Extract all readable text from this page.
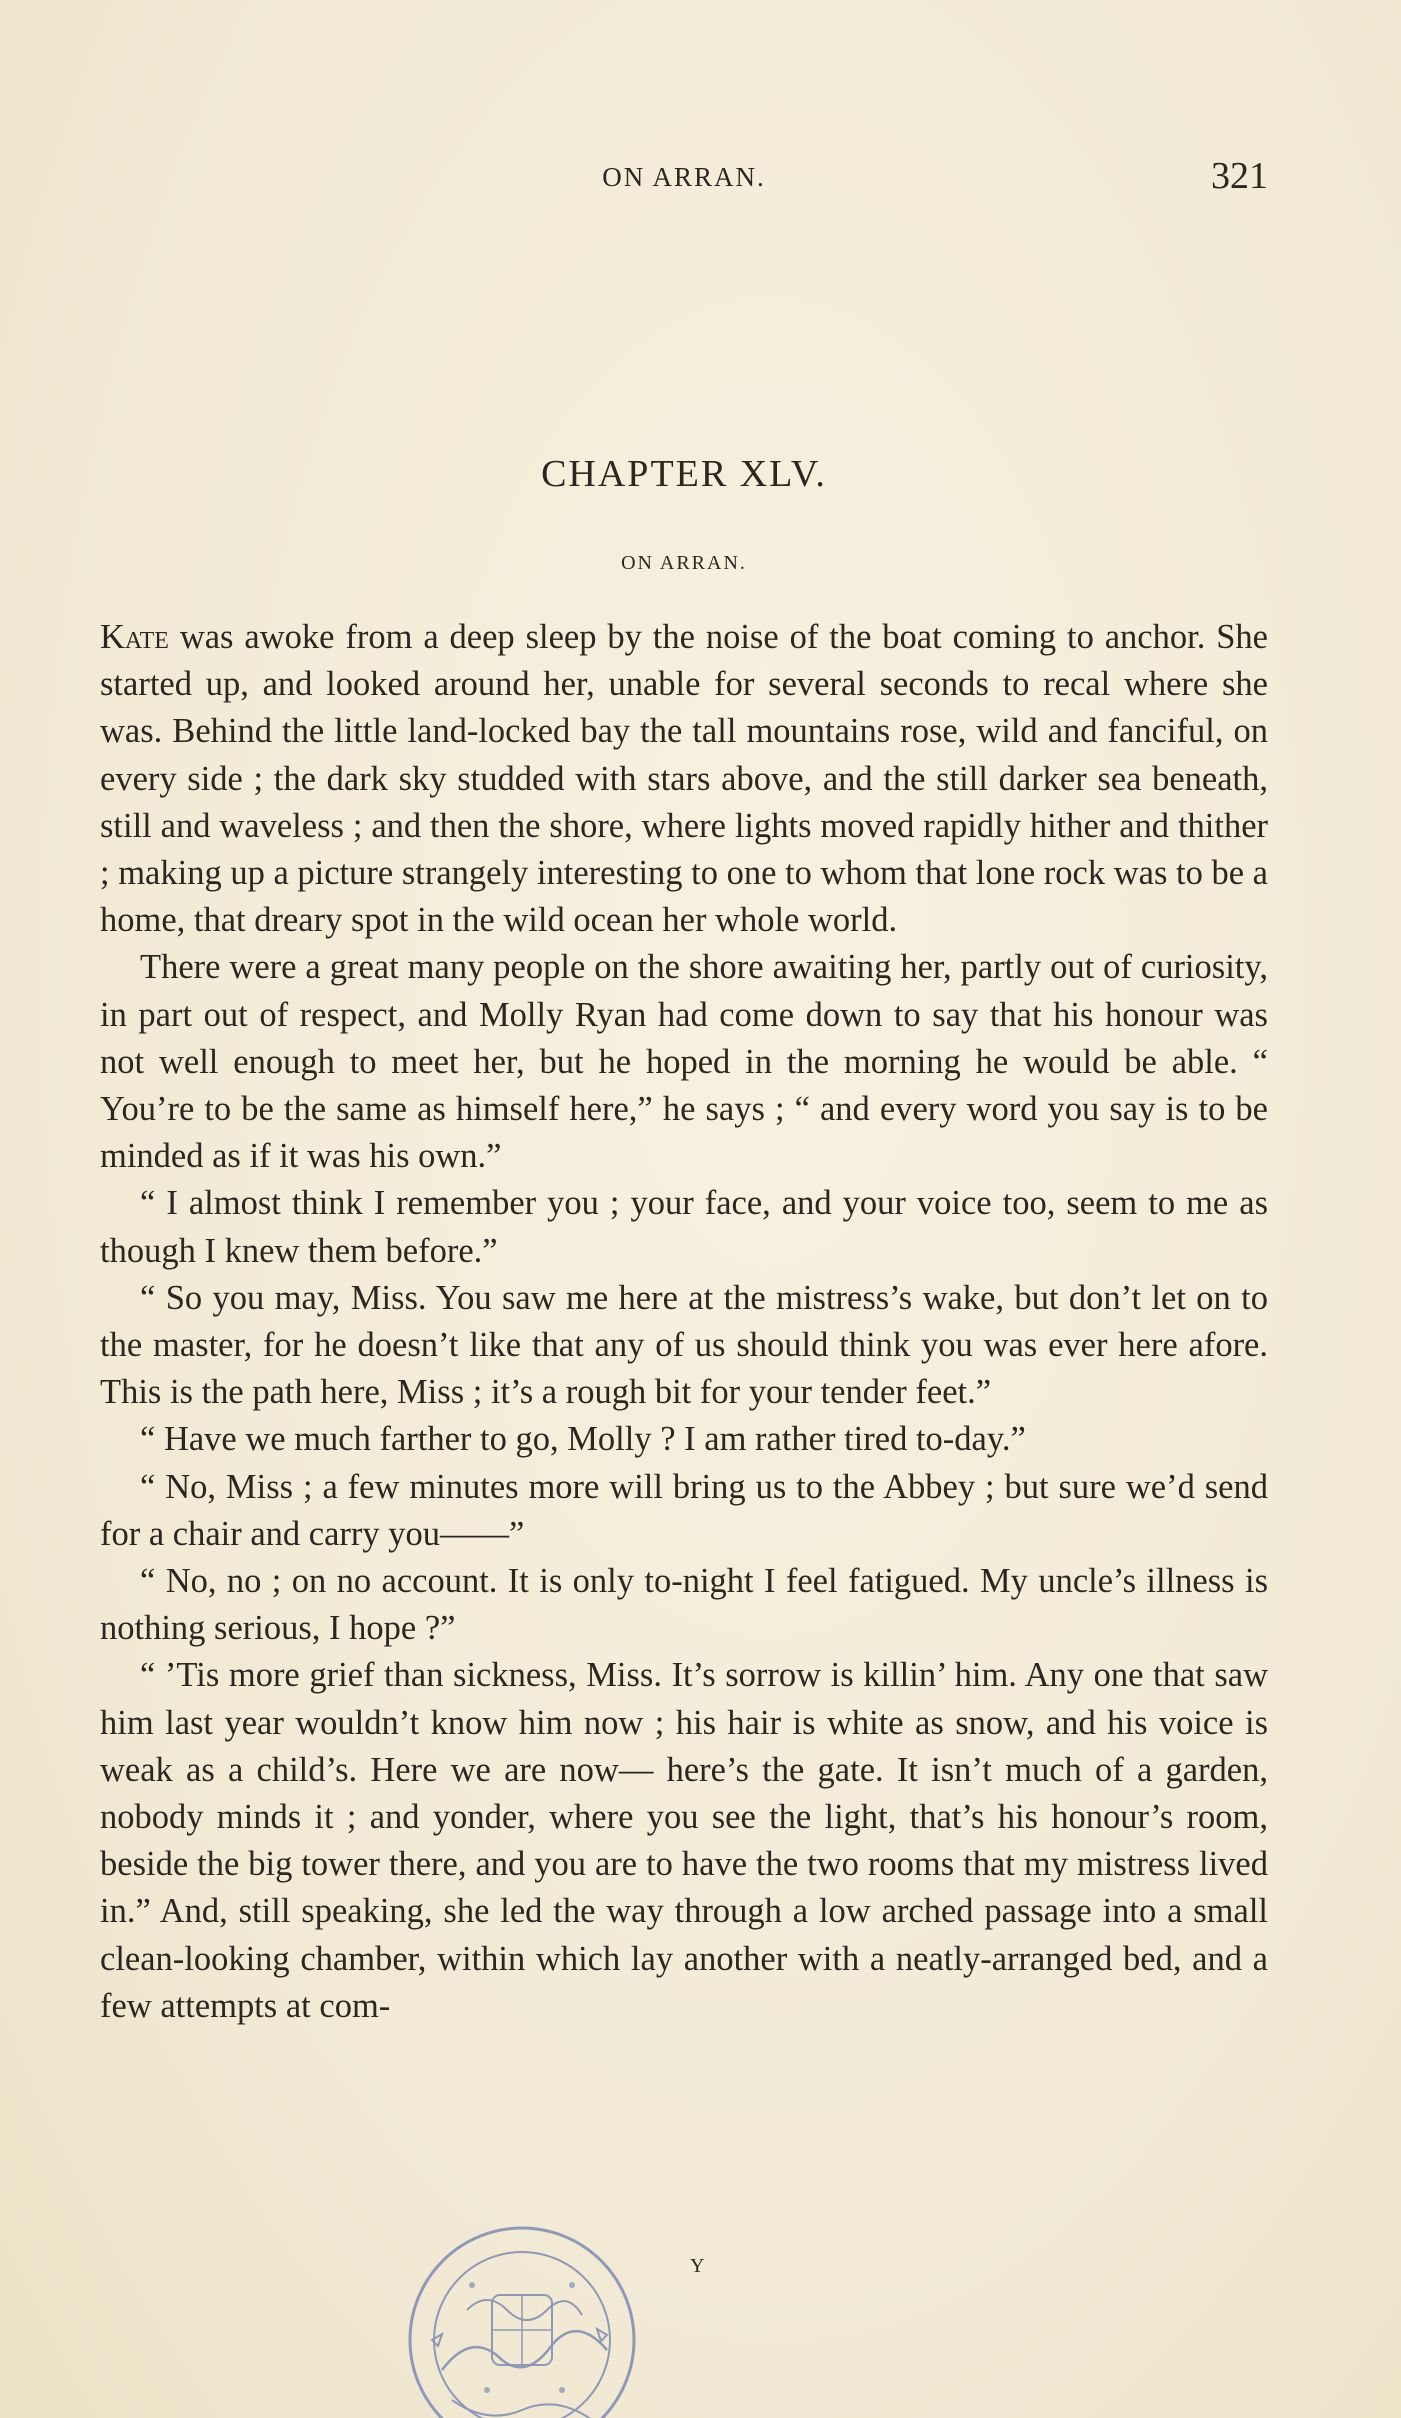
ON ARRAN.	321
CHAPTER XLV.
ON ARRAN.

Kate was awoke from a deep sleep by the noise of the boat coming to anchor. She started up, and looked around her, unable for several seconds to recal where she was. Behind the little land-locked bay the tall mountains rose, wild and fanciful, on every side ; the dark sky studded with stars above, and the still darker sea beneath, still and waveless ; and then the shore, where lights moved rapidly hither and thither ; making up a picture strangely interesting to one to whom that lone rock was to be a home, that dreary spot in the wild ocean her whole world.

There were a great many people on the shore awaiting her, partly out of curiosity, in part out of respect, and Molly Ryan had come down to say that his honour was not well enough to meet her, but he hoped in the morning he would be able. “ You’re to be the same as himself here,” he says ; “ and every word you say is to be minded as if it was his own.”

“ I almost think I remember you ; your face, and your voice too, seem to me as though I knew them before.”

“ So you may, Miss. You saw me here at the mistress’s wake, but don’t let on to the master, for he doesn’t like that any of us should think you was ever here afore. This is the path here, Miss ; it’s a rough bit for your tender feet.”

“ Have we much farther to go, Molly ? I am rather tired to-day.”

“ No, Miss ; a few minutes more will bring us to the Abbey ; but sure we’d send for a chair and carry you——”

“ No, no ; on no account. It is only to-night I feel fatigued. My uncle’s illness is nothing serious, I hope ?”

“ ’Tis more grief than sickness, Miss. It’s sorrow is killin’ him. Any one that saw him last year wouldn’t know him now ; his hair is white as snow, and his voice is weak as a child’s. Here we are now— here’s the gate. It isn’t much of a garden, nobody minds it ; and yonder, where you see the light, that’s his honour’s room, beside the big tower there, and you are to have the two rooms that my mistress lived in.” And, still speaking, she led the way through a low arched passage into a small clean-looking chamber, within which lay another with a neatly-arranged bed, and a few attempts at com-

Y
